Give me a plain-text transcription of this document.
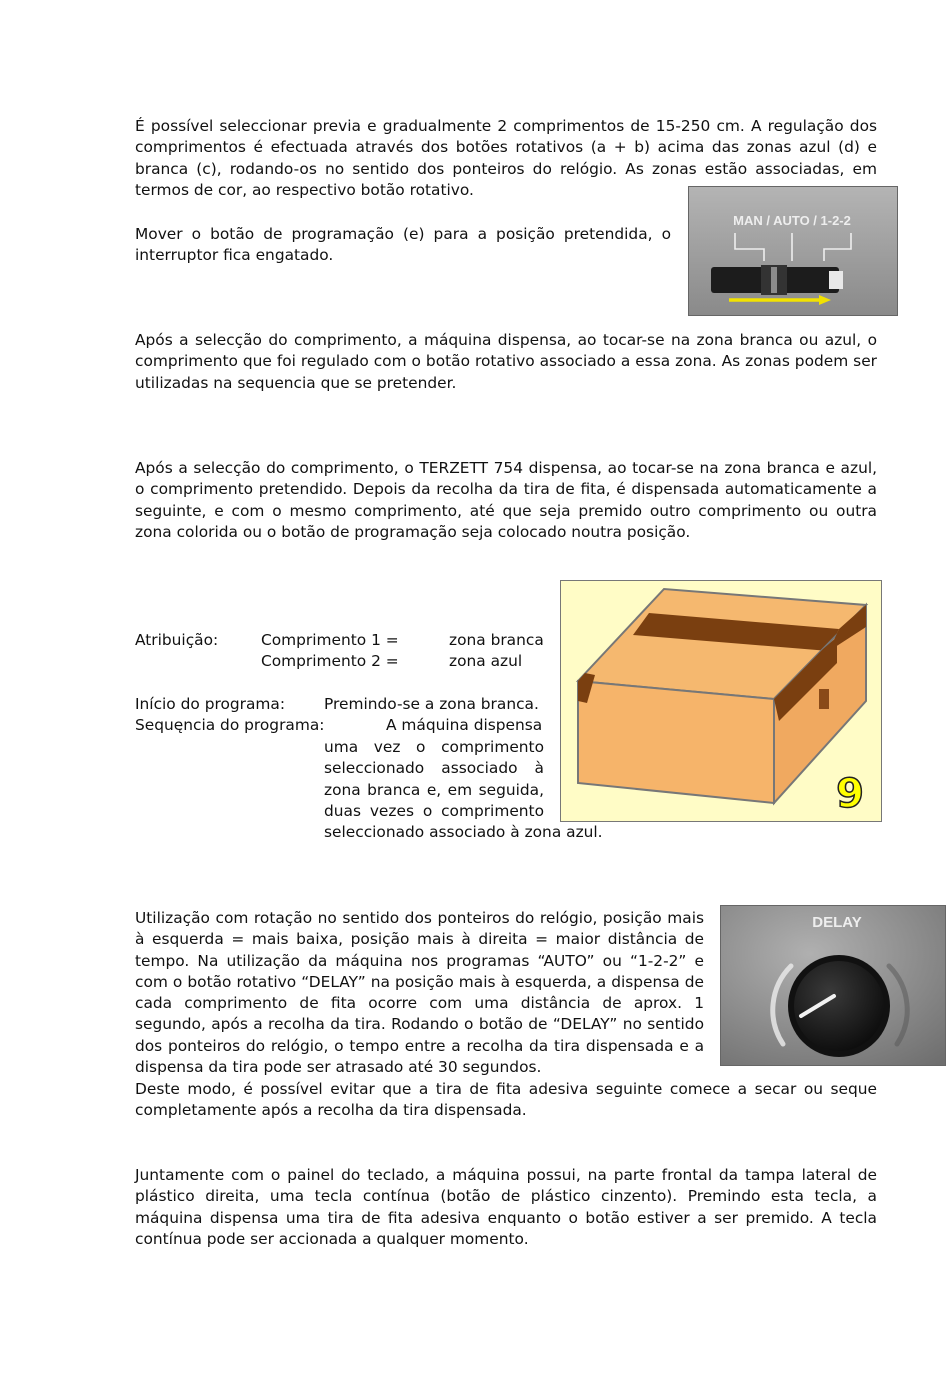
É possível seleccionar previa e gradualmente 2 comprimentos de 15-250 cm. A regulação dos comprimentos é efectuada através dos botões rotativos (a + b) acima das zonas azul (d) e branca (c), rodando-os no sentido dos ponteiros do relógio. As zonas estão associadas, em termos de cor, ao respectivo botão rotativo.
Mover o botão de programação (e) para a posição pretendida, o interruptor fica engatado.
MAN / AUTO / 1-2-2
Após a selecção do comprimento, a máquina dispensa, ao tocar-se na zona branca ou azul, o comprimento que foi regulado com o botão rotativo associado a essa zona. As zonas podem ser utilizadas na sequencia que se pretender.
Após a selecção do comprimento, o TERZETT 754 dispensa, ao tocar-se na zona branca e azul, o comprimento pretendido. Depois da recolha da tira de fita, é dispensada automaticamente a seguinte, e com o mesmo comprimento, até que seja premido outro comprimento ou outra zona colorida ou o botão de programação seja colocado noutra posição.
9
Atribuição:	Comprimento 1 =	zona branca
Comprimento 2 =	zona azul
Início do programa:	Premindo-se a zona branca.
Sequęncia do programa:	A máquina dispensa
uma vez o comprimento seleccionado associado à zona branca e, em seguida, duas vezes o comprimento
seleccionado associado à zona azul.
Utilização com rotação no sentido dos ponteiros do relógio, posição mais à esquerda = mais baixa, posição mais à direita = maior distância de tempo. Na utilização da máquina nos programas “AUTO” ou “1-2-2” e com o botão rotativo “DELAY” na posição mais à esquerda, a dispensa de cada comprimento de fita ocorre com uma distância de aprox. 1 segundo, após a recolha da tira. Rodando o botão de “DELAY” no sentido dos ponteiros do relógio, o tempo entre a recolha da tira dispensada e a dispensa da tira pode ser atrasado até 30 segundos.
Deste modo, é possível evitar que a tira de fita adesiva seguinte comece a secar ou seque completamente após a recolha da tira dispensada.
DELAY
Juntamente com o painel do teclado, a máquina possui, na parte frontal da tampa lateral de plástico direita, uma tecla contínua (botão de plástico cinzento). Premindo esta tecla, a máquina dispensa uma tira de fita adesiva enquanto o botão estiver a ser premido. A tecla contínua pode ser accionada a qualquer momento.
